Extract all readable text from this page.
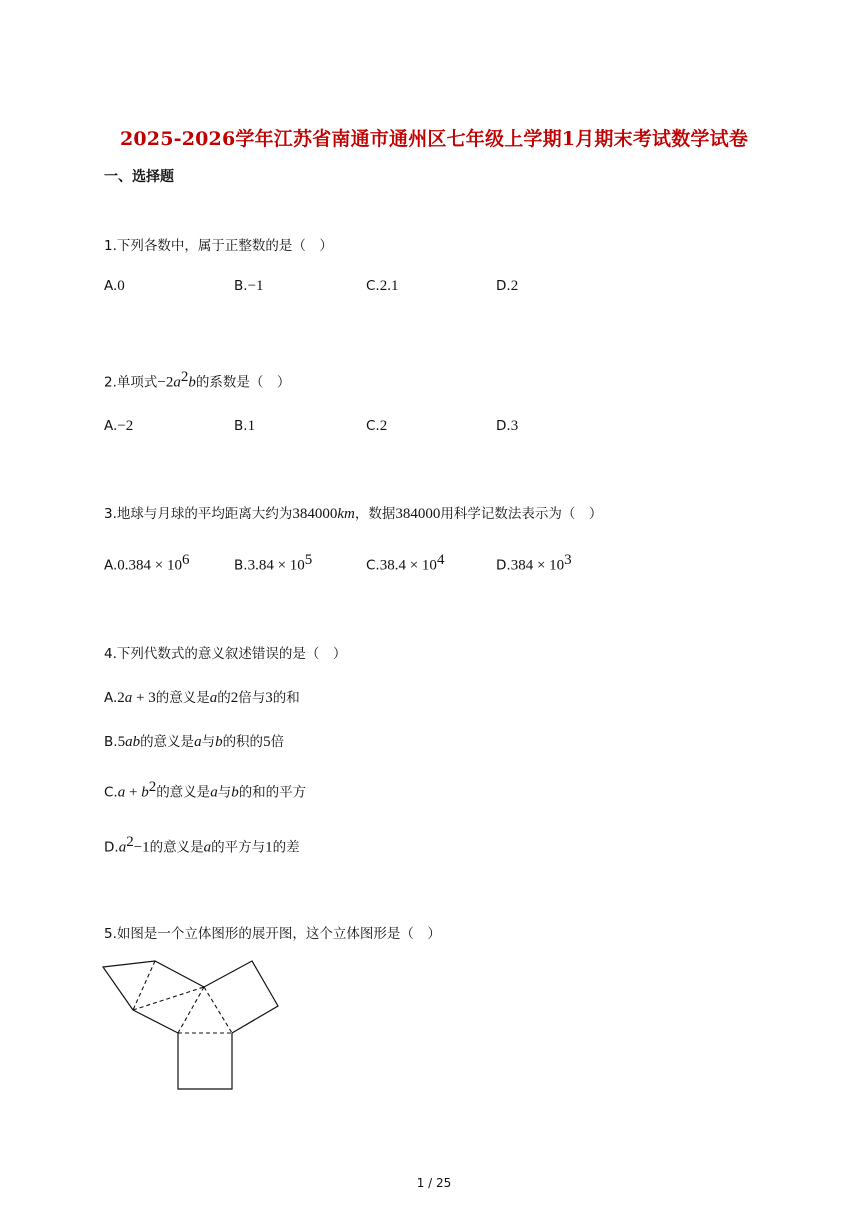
2025-2026学年江苏省南通市通州区七年级上学期1月期末考试数学试卷
一、选择题
1.下列各数中，属于正整数的是（　）
A.0	B.−1	C.2.1	D.2
2.单项式$-2a^2b$的系数是（　）
A.−2	B.1	C.2	D.3
3.地球与月球的平均距离大约为384000km，数据384000用科学记数法表示为（　）
$A.0.384 \times 10^6$	$B.3.84 \times 10^5$	$C.38.4 \times 10^4$	$D.384 \times 10^3$
4.下列代数式的意义叙述错误的是（　）
A.2a + 3的意义是a的2倍与3的和
B.5ab的意义是a与b的积的5倍
$C.a + b^2$的意义是a与b的和的平方
$D.a^2-1$的意义是a的平方与1的差
5.如图是一个立体图形的展开图，这个立体图形是（　）
1 / 25
